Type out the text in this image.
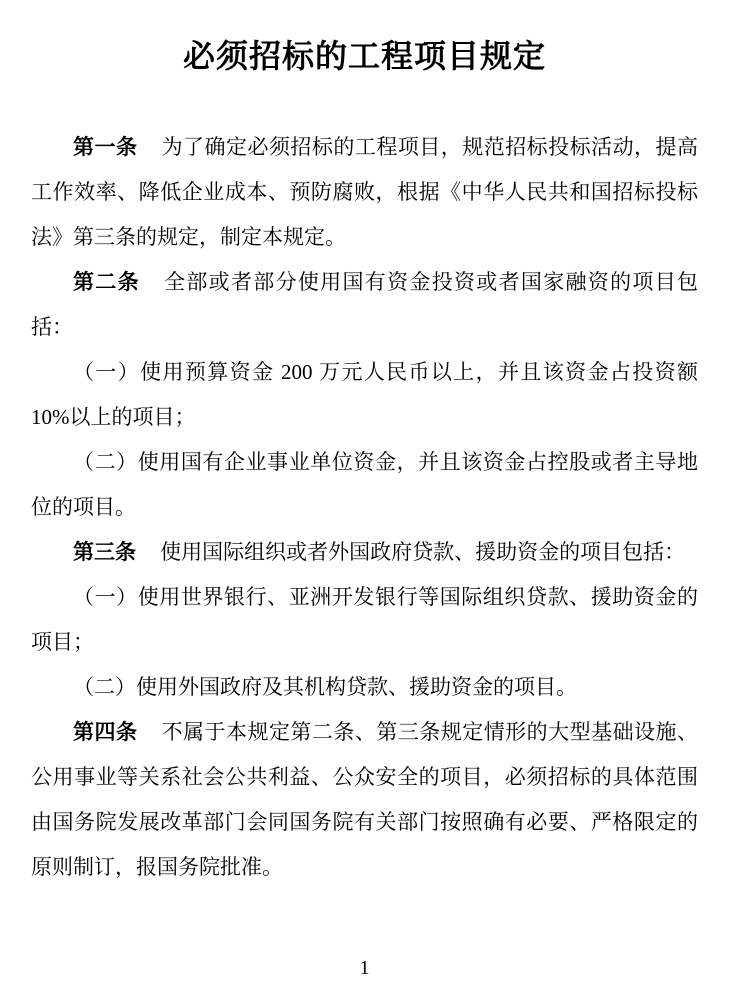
必须招标的工程项目规定

第一条 为了确定必须招标的工程项目，规范招标投标活动，提高工作效率、降低企业成本、预防腐败，根据《中华人民共和国招标投标法》第三条的规定，制定本规定。

第二条 全部或者部分使用国有资金投资或者国家融资的项目包括：

（一）使用预算资金 200 万元人民币以上，并且该资金占投资额 10%以上的项目；

（二）使用国有企业事业单位资金，并且该资金占控股或者主导地位的项目。

第三条 使用国际组织或者外国政府贷款、援助资金的项目包括：

（一）使用世界银行、亚洲开发银行等国际组织贷款、援助资金的项目；

（二）使用外国政府及其机构贷款、援助资金的项目。

第四条 不属于本规定第二条、第三条规定情形的大型基础设施、公用事业等关系社会公共利益、公众安全的项目，必须招标的具体范围由国务院发展改革部门会同国务院有关部门按照确有必要、严格限定的原则制订，报国务院批准。

1
